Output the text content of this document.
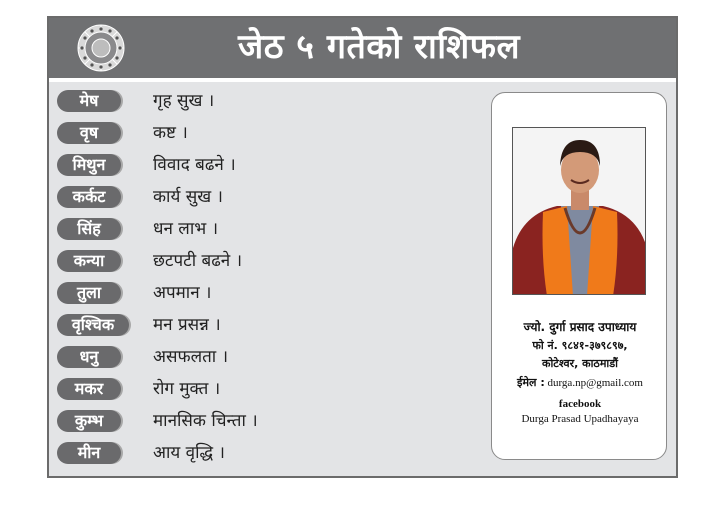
जेठ ५ गतेको राशिफल
मेष	गृह सुख ।
वृष	कष्ट ।
मिथुन	विवाद बढने ।
कर्कट	कार्य सुख ।
सिंह	धन लाभ ।
कन्या	छटपटी बढने ।
तुला	अपमान ।
वृश्चिक	मन प्रसन्न ।
धनु	असफलता ।
मकर	रोग मुक्त ।
कुम्भ	मानसिक चिन्ता ।
मीन	आय वृद्धि ।
ज्यो. दुर्गा प्रसाद उपाध्याय
फो नं. ९८४१-३७९८९७,
कोटेश्वर, काठमाडौं
ईमेल : durga.np@gmail.com
facebook
Durga Prasad Upadhayaya
